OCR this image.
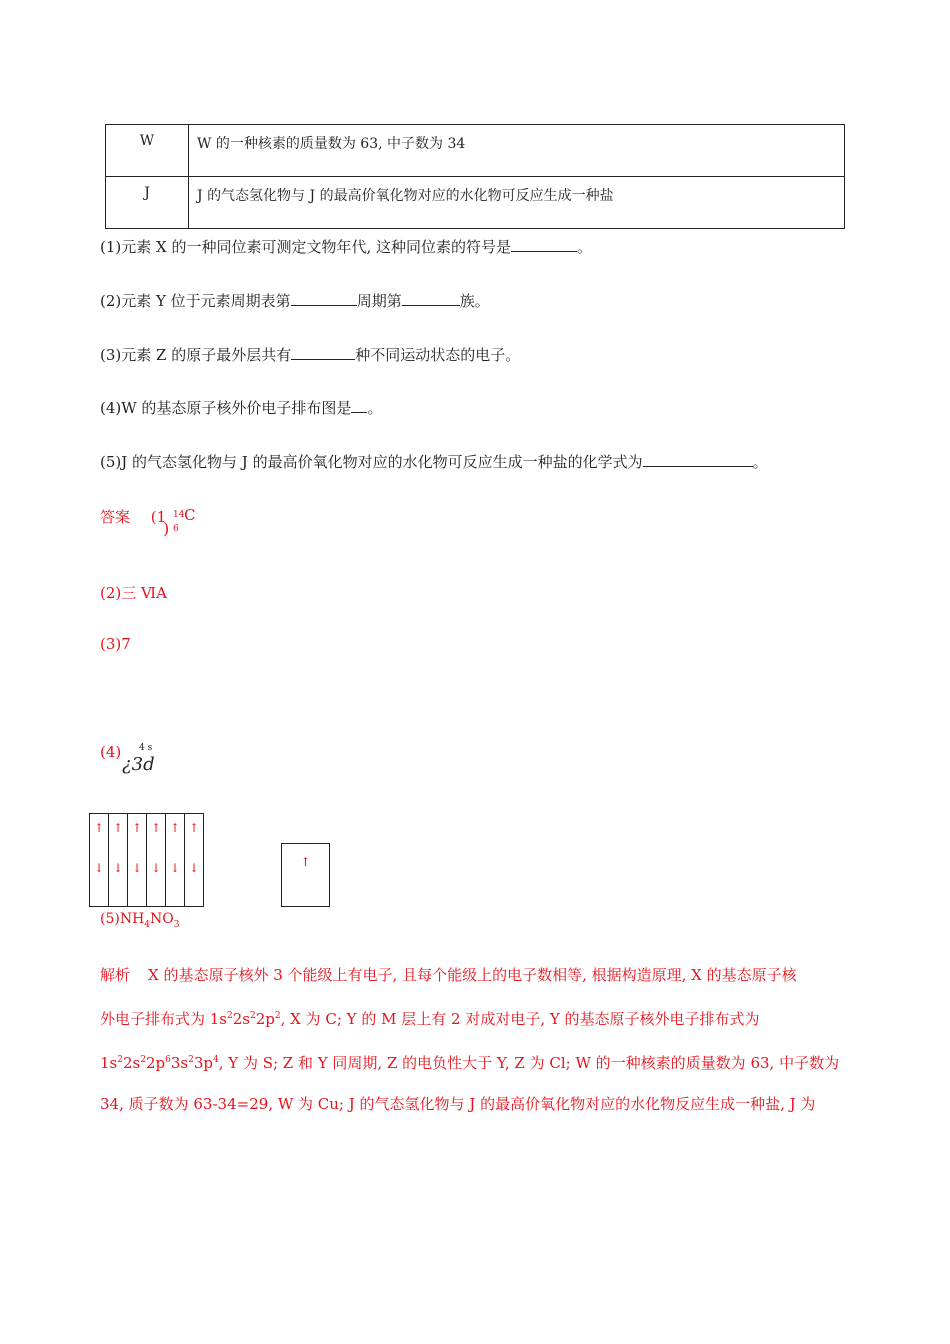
W	W 的一种核素的质量数为 63, 中子数为 34
J	J 的气态氢化物与 J 的最高价氧化物对应的水化物可反应生成一种盐
(1)元素 X 的一种同位素可测定文物年代, 这种同位素的符号是	。
(2)元素 Y 位于元素周期表第	周期第	族。
(3)元素 Z 的原子最外层共有	种不同运动状态的电子。
(4)W 的基态原子核外价电子排布图是 。
(5)J 的气态氢化物与 J 的最高价氧化物对应的水化物可反应生成一种盐的化学式为	。
答案 (1
)
14
6
C
(2)三 ⅥA
(3)7
(4) 4 s
¿3d
↑
↓
↑
↓
↑
↓
↑
↓
↑
↓
↑
↓	↑
$(5)NH_4NO_3$
解析 X 的基态原子核外 3 个能级上有电子, 且每个能级上的电子数相等, 根据构造原理, X 的基态原子核
外电子排布式为 $1s^22s^22p^2$, X 为 C; Y 的 M 层上有 2 对成对电子, Y 的基态原子核外电子排布式为
$1s^22s^22p^63s^23p^4$, Y 为 S; Z 和 Y 同周期, Z 的电负性大于 Y, Z 为 Cl; W 的一种核素的质量数为 63, 中子数为
34, 质子数为 63-34=29, W 为 Cu; J 的气态氢化物与 J 的最高价氧化物对应的水化物反应生成一种盐, J 为
